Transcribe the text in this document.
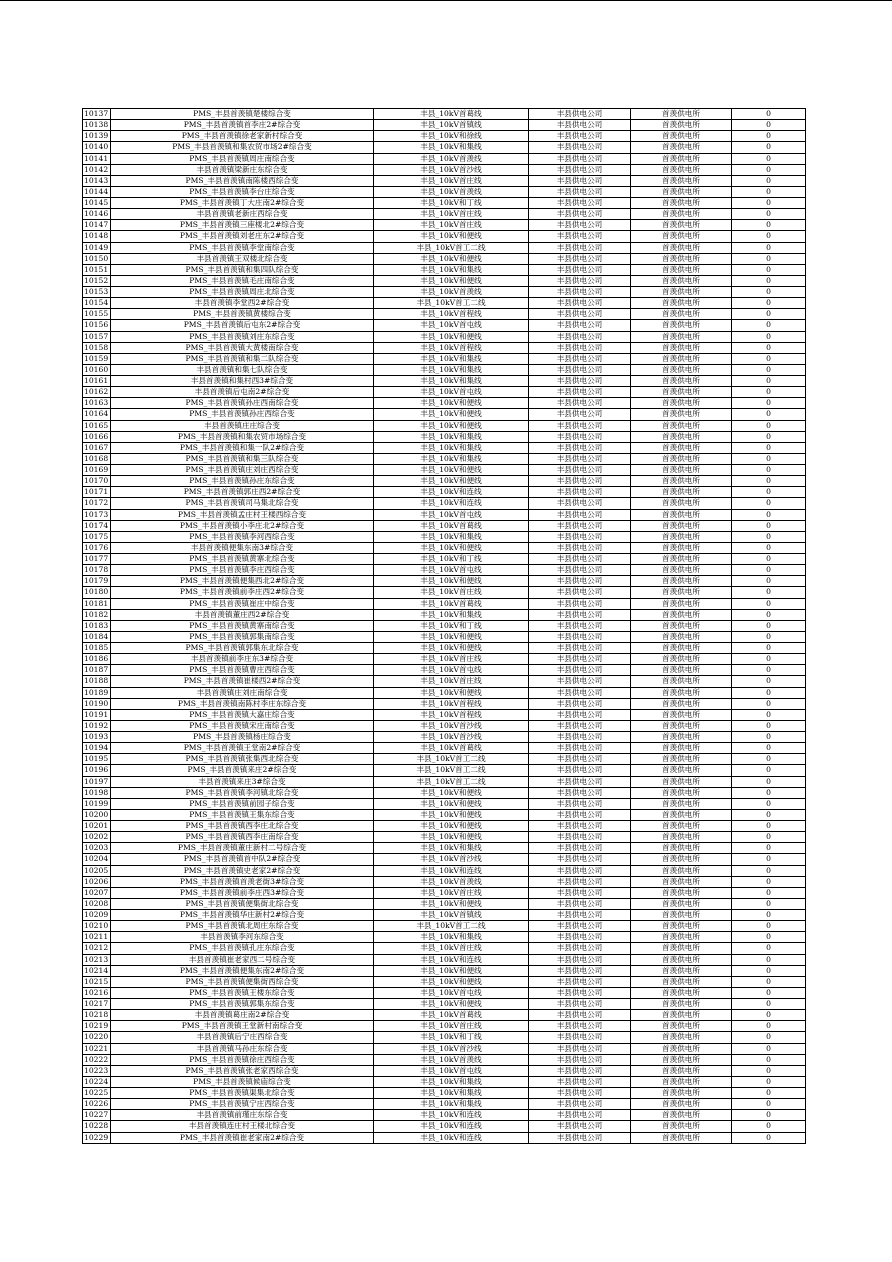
10137	PMS_丰县首羡镇楚楼综合变	丰县_10kV首葛线	丰县供电公司	首羡供电所	0
10138	PMS_丰县首羡镇首李庄2#综合变	丰县_10kV首镇线	丰县供电公司	首羡供电所	0
10139	PMS_丰县首羡镇徐老家新村综合变	丰县_10kV和徐线	丰县供电公司	首羡供电所	0
10140	PMS_丰县首羡镇和集农贸市场2#综合变	丰县_10kV和集线	丰县供电公司	首羡供电所	0
10141	PMS_丰县首羡镇周庄南综合变	丰县_10kV首羡线	丰县供电公司	首羡供电所	0
10142	丰县首羡镇梁新庄东综合变	丰县_10kV首沙线	丰县供电公司	首羡供电所	0
10143	PMS_丰县首羡镇南陈楼西综合变	丰县_10kV首庄线	丰县供电公司	首羡供电所	0
10144	PMS_丰县首羡镇李台庄综合变	丰县_10kV首羡线	丰县供电公司	首羡供电所	0
10145	PMS_丰县首羡镇丁大庄南2#综合变	丰县_10kV和丁线	丰县供电公司	首羡供电所	0
10146	丰县首羡镇老新庄西综合变	丰县_10kV首庄线	丰县供电公司	首羡供电所	0
10147	PMS_丰县首羡镇三座楼北2#综合变	丰县_10kV首庄线	丰县供电公司	首羡供电所	0
10148	PMS_丰县首羡镇刘老庄东2#综合变	丰县_10kV和便线	丰县供电公司	首羡供电所	0
10149	PMS_丰县首羡镇李堂南综合变	丰县_10kV首工二线	丰县供电公司	首羡供电所	0
10150	丰县首羡镇王双楼北综合变	丰县_10kV和便线	丰县供电公司	首羡供电所	0
10151	PMS_丰县首羡镇和集四队综合变	丰县_10kV和集线	丰县供电公司	首羡供电所	0
10152	PMS_丰县首羡镇毛庄南综合变	丰县_10kV和便线	丰县供电公司	首羡供电所	0
10153	PMS_丰县首羡镇周庄北综合变	丰县_10kV首羡线	丰县供电公司	首羡供电所	0
10154	丰县首羡镇李堂西2#综合变	丰县_10kV首工二线	丰县供电公司	首羡供电所	0
10155	PMS_丰县首羡镇黄楼综合变	丰县_10kV首程线	丰县供电公司	首羡供电所	0
10156	PMS_丰县首羡镇后屯东2#综合变	丰县_10kV首屯线	丰县供电公司	首羡供电所	0
10157	PMS_丰县首羡镇刘庄东综合变	丰县_10kV和便线	丰县供电公司	首羡供电所	0
10158	PMS_丰县首羡镇大黄楼南综合变	丰县_10kV首程线	丰县供电公司	首羡供电所	0
10159	PMS_丰县首羡镇和集二队综合变	丰县_10kV和集线	丰县供电公司	首羡供电所	0
10160	丰县首羡镇和集七队综合变	丰县_10kV和集线	丰县供电公司	首羡供电所	0
10161	丰县首羡镇和集村西3#综合变	丰县_10kV和集线	丰县供电公司	首羡供电所	0
10162	丰县首羡镇后屯南2#综合变	丰县_10kV首屯线	丰县供电公司	首羡供电所	0
10163	PMS_丰县首羡镇孙庄西南综合变	丰县_10kV和便线	丰县供电公司	首羡供电所	0
10164	PMS_丰县首羡镇孙庄西综合变	丰县_10kV和便线	丰县供电公司	首羡供电所	0
10165	丰县首羡镇庄庄综合变	丰县_10kV和便线	丰县供电公司	首羡供电所	0
10166	PMS_丰县首羡镇和集农贸市场综合变	丰县_10kV和集线	丰县供电公司	首羡供电所	0
10167	PMS_丰县首羡镇和集一队2#综合变	丰县_10kV和集线	丰县供电公司	首羡供电所	0
10168	PMS_丰县首羡镇和集三队综合变	丰县_10kV和集线	丰县供电公司	首羡供电所	0
10169	PMS_丰县首羡镇庄刘庄西综合变	丰县_10kV和便线	丰县供电公司	首羡供电所	0
10170	PMS_丰县首羡镇孙庄东综合变	丰县_10kV和便线	丰县供电公司	首羡供电所	0
10171	PMS_丰县首羡镇郭庄西2#综合变	丰县_10kV和连线	丰县供电公司	首羡供电所	0
10172	PMS_丰县首羡镇司马集北综合变	丰县_10kV和连线	丰县供电公司	首羡供电所	0
10173	PMS_丰县首羡镇孟庄村王楼西综合变	丰县_10kV首屯线	丰县供电公司	首羡供电所	0
10174	PMS_丰县首羡镇小李庄北2#综合变	丰县_10kV首葛线	丰县供电公司	首羡供电所	0
10175	PMS_丰县首羡镇李河西综合变	丰县_10kV和集线	丰县供电公司	首羡供电所	0
10176	丰县首羡镇便集东南3#综合变	丰县_10kV和便线	丰县供电公司	首羡供电所	0
10177	PMS_丰县首羡镇黄寨北综合变	丰县_10kV和丁线	丰县供电公司	首羡供电所	0
10178	PMS_丰县首羡镇李庄西综合变	丰县_10kV首屯线	丰县供电公司	首羡供电所	0
10179	PMS_丰县首羡镇便集西北2#综合变	丰县_10kV和便线	丰县供电公司	首羡供电所	0
10180	PMS_丰县首羡镇前李庄西2#综合变	丰县_10kV首庄线	丰县供电公司	首羡供电所	0
10181	PMS_丰县首羡镇崔庄中综合变	丰县_10kV首葛线	丰县供电公司	首羡供电所	0
10182	丰县首羡镇董庄西2#综合变	丰县_10kV和集线	丰县供电公司	首羡供电所	0
10183	PMS_丰县首羡镇黄寨南综合变	丰县_10kV和丁线	丰县供电公司	首羡供电所	0
10184	PMS_丰县首羡镇郭集南综合变	丰县_10kV和便线	丰县供电公司	首羡供电所	0
10185	PMS_丰县首羡镇郭集东北综合变	丰县_10kV和便线	丰县供电公司	首羡供电所	0
10186	丰县首羡镇前李庄东3#综合变	丰县_10kV首庄线	丰县供电公司	首羡供电所	0
10187	PMS_丰县首羡镇曹庄西综合变	丰县_10kV首屯线	丰县供电公司	首羡供电所	0
10188	PMS_丰县首羡镇崔楼西2#综合变	丰县_10kV首庄线	丰县供电公司	首羡供电所	0
10189	丰县首羡镇庄刘庄南综合变	丰县_10kV和便线	丰县供电公司	首羡供电所	0
10190	PMS_丰县首羡镇南陈村李庄东综合变	丰县_10kV首程线	丰县供电公司	首羡供电所	0
10191	PMS_丰县首羡镇大嘉庄综合变	丰县_10kV首程线	丰县供电公司	首羡供电所	0
10192	PMS_丰县首羡镇宋庄南综合变	丰县_10kV首沙线	丰县供电公司	首羡供电所	0
10193	PMS_丰县首羡镇杨庄综合变	丰县_10kV首沙线	丰县供电公司	首羡供电所	0
10194	PMS_丰县首羡镇王堂南2#综合变	丰县_10kV首葛线	丰县供电公司	首羡供电所	0
10195	PMS_丰县首羡镇张集西北综合变	丰县_10kV首工二线	丰县供电公司	首羡供电所	0
10196	PMS_丰县首羡镇来庄2#综合变	丰县_10kV首工二线	丰县供电公司	首羡供电所	0
10197	丰县首羡镇来庄3#综合变	丰县_10kV首工二线	丰县供电公司	首羡供电所	0
10198	PMS_丰县首羡镇李河镇北综合变	丰县_10kV和便线	丰县供电公司	首羡供电所	0
10199	PMS_丰县首羡镇前园子综合变	丰县_10kV和便线	丰县供电公司	首羡供电所	0
10200	PMS_丰县首羡镇王集东综合变	丰县_10kV和便线	丰县供电公司	首羡供电所	0
10201	PMS_丰县首羡镇西李庄北综合变	丰县_10kV和便线	丰县供电公司	首羡供电所	0
10202	PMS_丰县首羡镇西李庄南综合变	丰县_10kV和便线	丰县供电公司	首羡供电所	0
10203	PMS_丰县首羡镇董庄新村二号综合变	丰县_10kV和集线	丰县供电公司	首羡供电所	0
10204	PMS_丰县首羡镇首中队2#综合变	丰县_10kV首沙线	丰县供电公司	首羡供电所	0
10205	PMS_丰县首羡镇史老家2#综合变	丰县_10kV和连线	丰县供电公司	首羡供电所	0
10206	PMS_丰县首羡镇首羡老街3#综合变	丰县_10kV首羡线	丰县供电公司	首羡供电所	0
10207	PMS_丰县首羡镇前李庄西3#综合变	丰县_10kV首庄线	丰县供电公司	首羡供电所	0
10208	PMS_丰县首羡镇便集街北综合变	丰县_10kV和便线	丰县供电公司	首羡供电所	0
10209	PMS_丰县首羡镇华庄新村2#综合变	丰县_10kV首镇线	丰县供电公司	首羡供电所	0
10210	PMS_丰县首羡镇北周庄东综合变	丰县_10kV首工二线	丰县供电公司	首羡供电所	0
10211	丰县首羡镇李河东综合变	丰县_10kV和集线	丰县供电公司	首羡供电所	0
10212	PMS_丰县首羡镇孔庄东综合变	丰县_10kV首庄线	丰县供电公司	首羡供电所	0
10213	丰县首羡镇崔老家西二号综合变	丰县_10kV和连线	丰县供电公司	首羡供电所	0
10214	PMS_丰县首羡镇便集东南2#综合变	丰县_10kV和便线	丰县供电公司	首羡供电所	0
10215	PMS_丰县首羡镇便集街西综合变	丰县_10kV和便线	丰县供电公司	首羡供电所	0
10216	PMS_丰县首羡镇王楼东综合变	丰县_10kV首屯线	丰县供电公司	首羡供电所	0
10217	PMS_丰县首羡镇郭集东综合变	丰县_10kV和便线	丰县供电公司	首羡供电所	0
10218	丰县首羡镇葛庄南2#综合变	丰县_10kV首葛线	丰县供电公司	首羡供电所	0
10219	PMS_丰县首羡镇王堂新村南综合变	丰县_10kV首庄线	丰县供电公司	首羡供电所	0
10220	丰县首羡镇后宁庄西综合变	丰县_10kV和丁线	丰县供电公司	首羡供电所	0
10221	丰县首羡镇马孙庄东综合变	丰县_10kV首沙线	丰县供电公司	首羡供电所	0
10222	PMS_丰县首羡镇徐庄西综合变	丰县_10kV首羡线	丰县供电公司	首羡供电所	0
10223	PMS_丰县首羡镇张老家西综合变	丰县_10kV首屯线	丰县供电公司	首羡供电所	0
10224	PMS_丰县首羡镇候庙综合变	丰县_10kV和集线	丰县供电公司	首羡供电所	0
10225	PMS_丰县首羡镇渠集北综合变	丰县_10kV和集线	丰县供电公司	首羡供电所	0
10226	PMS_丰县首羡镇宁庄西综合变	丰县_10kV和集线	丰县供电公司	首羡供电所	0
10227	丰县首羡镇前瑾庄东综合变	丰县_10kV和连线	丰县供电公司	首羡供电所	0
10228	丰县首羡镇连庄村王楼北综合变	丰县_10kV和连线	丰县供电公司	首羡供电所	0
10229	PMS_丰县首羡镇崔老家南2#综合变	丰县_10kV和连线	丰县供电公司	首羡供电所	0
